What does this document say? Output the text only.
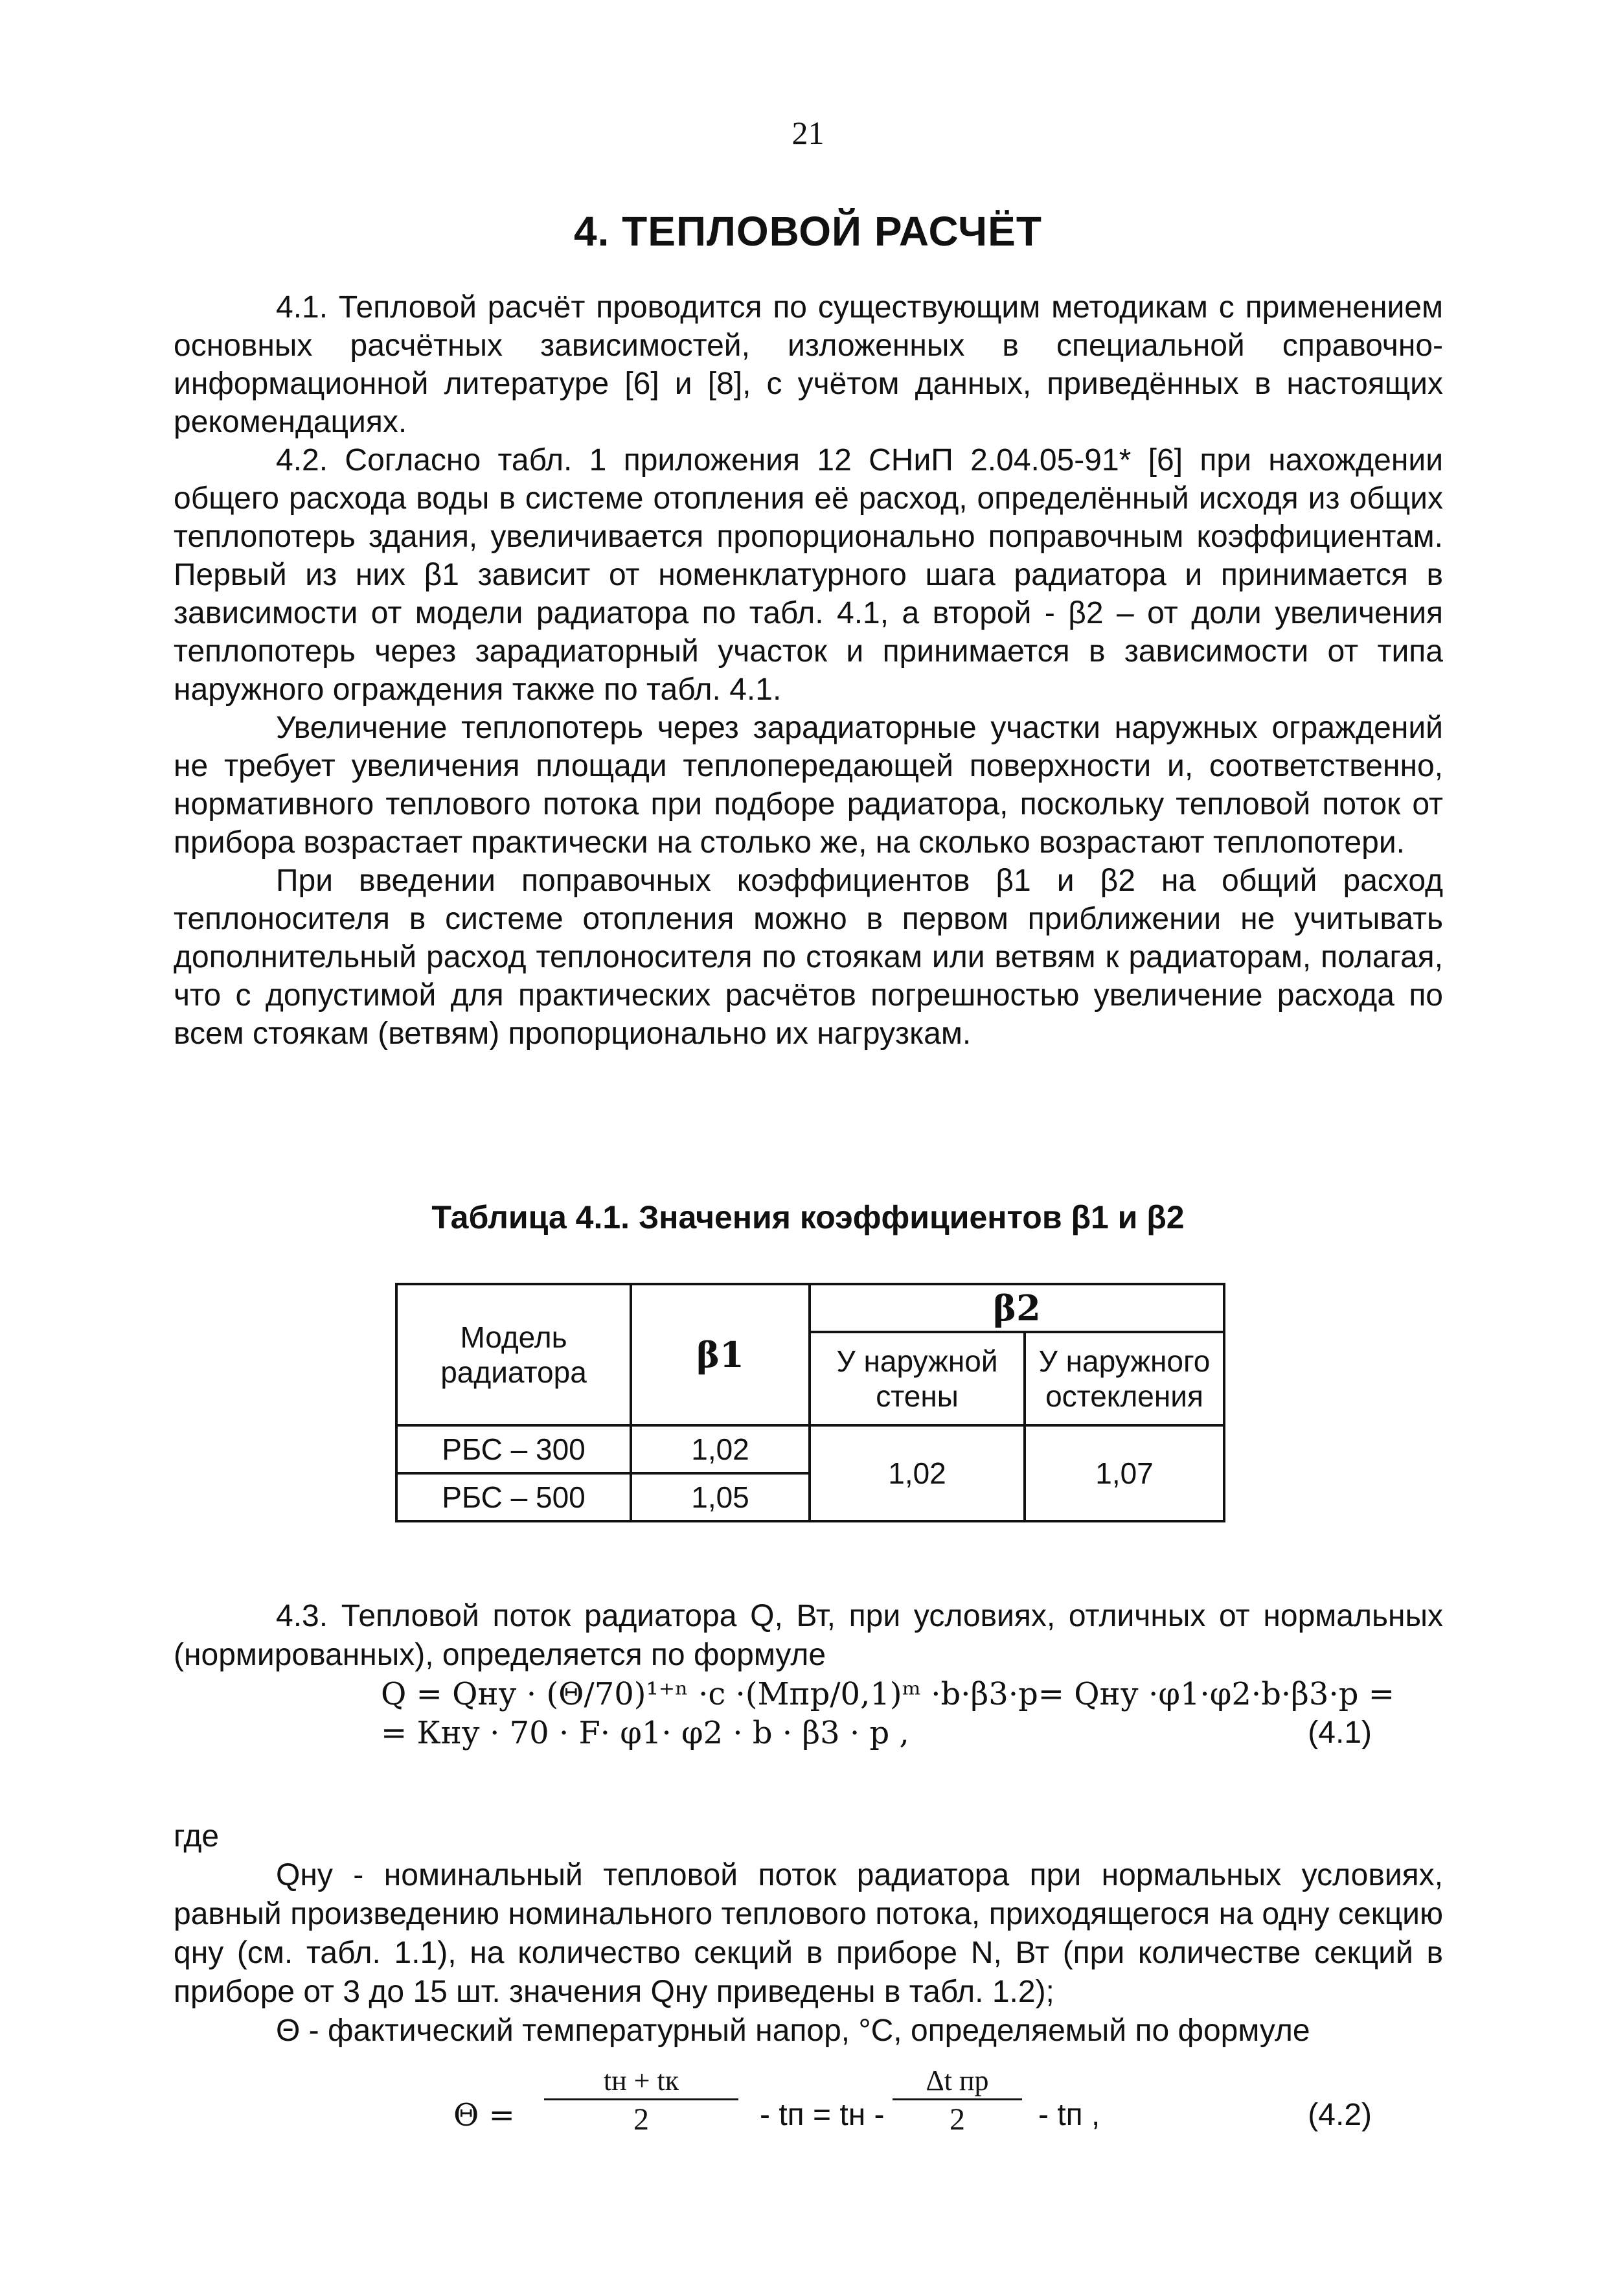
21
4. ТЕПЛОВОЙ РАСЧЁТ

4.1. Тепловой расчёт проводится по существующим методикам с применением основных расчётных зависимостей, изложенных в специальной справочно-информационной литературе [6] и [8], с учётом данных, приведённых в настоящих рекомендациях.

4.2. Согласно табл. 1 приложения 12 СНиП 2.04.05-91* [6] при нахождении общего расхода воды в системе отопления её расход, определённый исходя из общих теплопотерь здания, увеличивается пропорционально поправочным коэффициентам. Первый из них β1 зависит от номенклатурного шага радиатора и принимается в зависимости от модели радиатора по табл. 4.1, а второй - β2 – от доли увеличения теплопотерь через зарадиаторный участок и принимается в зависимости от типа наружного ограждения также по табл. 4.1.

Увеличение теплопотерь через зарадиаторные участки наружных ограждений не требует увеличения площади теплопередающей поверхности и, соответственно, нормативного теплового потока при подборе радиатора, поскольку тепловой поток от прибора возрастает практически на столько же, на сколько возрастают теплопотери.

При введении поправочных коэффициентов β1 и β2 на общий расход теплоносителя в системе отопления можно в первом приближении не учитывать дополнительный расход теплоносителя по стоякам или ветвям к радиаторам, полагая, что с допустимой для практических расчётов погрешностью увеличение расхода по всем стоякам (ветвям) пропорционально их нагрузкам.

Таблица 4.1. Значения коэффициентов β1 и β2
Модель радиатора	β1	β2	
		У наружной стены	У наружного остекления
РБС – 300	1,02	1,02	1,07
РБС – 500	1,05		

4.3. Тепловой поток радиатора Q, Вт, при условиях, отличных от нормальных (нормированных), определяется по формуле

Q = Qну · (Θ/70)¹⁺ⁿ ·c ·(Мпр/0,1)ᵐ ·b·β3·p= Qну ·φ1·φ2·b·β3·p =
= Кну · 70 · F· φ1· φ2 · b · β3 · p ,	(4.1)
где

Qну - номинальный тепловой поток радиатора при нормальных условиях, равный произведению номинального теплового потока, приходящегося на одну секцию qну (см. табл. 1.1), на количество секций в приборе N, Вт (при количестве секций в приборе от 3 до 15 шт. значения Qну приведены в табл. 1.2);

Θ - фактический температурный напор, °С, определяемый по формуле

Θ =
tн + tк
2	- tп = tн -
Δt пр
2	- tп ,	(4.2)
